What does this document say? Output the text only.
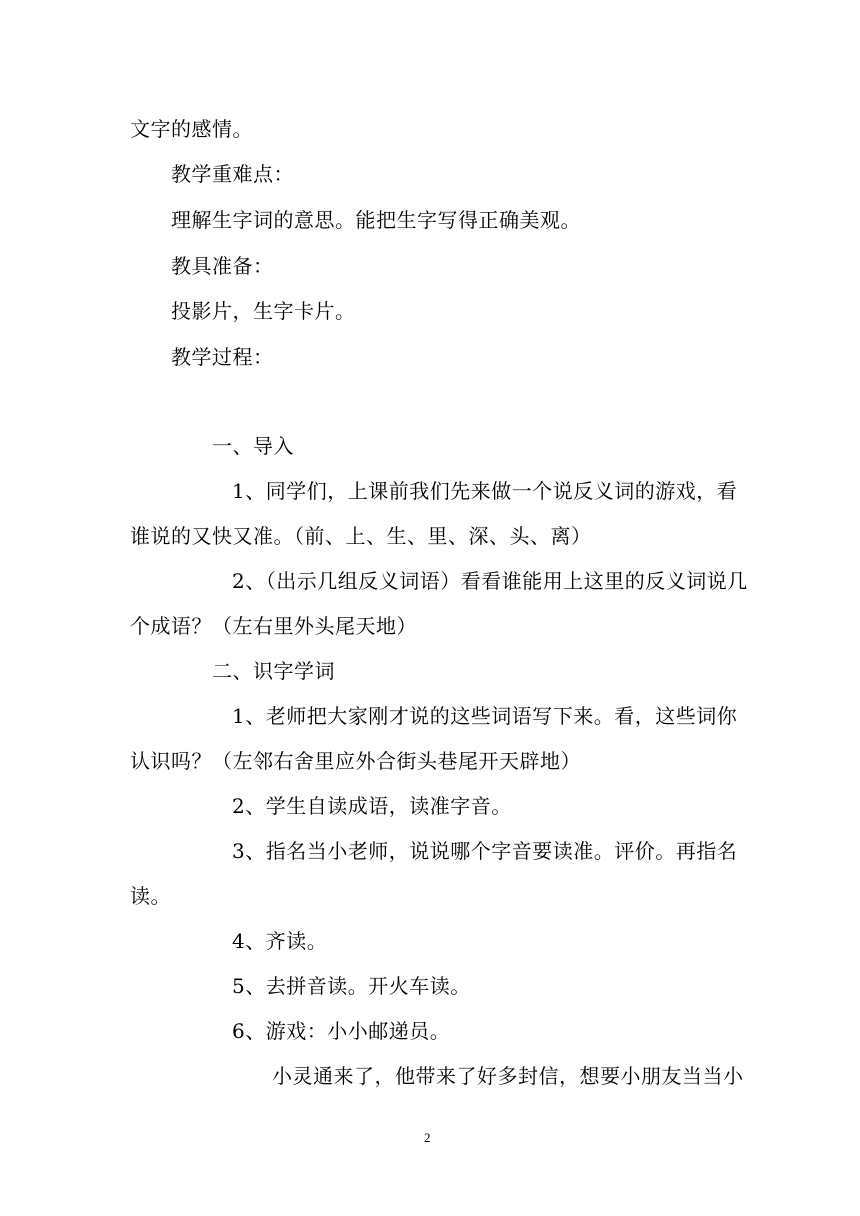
文字的感情。
教学重难点：
理解生字词的意思。能把生字写得正确美观。
教具准备：
投影片，生字卡片。
教学过程：
一、导入
1、同学们，上课前我们先来做一个说反义词的游戏，看
谁说的又快又准。（前、上、生、里、深、头、离）
2、（出示几组反义词语）看看谁能用上这里的反义词说几
个成语？（左右里外头尾天地）
二、识字学词
1、老师把大家刚才说的这些词语写下来。看，这些词你
认识吗？（左邻右舍里应外合街头巷尾开天辟地）
2、学生自读成语，读准字音。
3、指名当小老师，说说哪个字音要读准。评价。再指名
读。
4、齐读。
5、去拼音读。开火车读。
6、游戏：小小邮递员。
小灵通来了，他带来了好多封信，想要小朋友当当小
2
